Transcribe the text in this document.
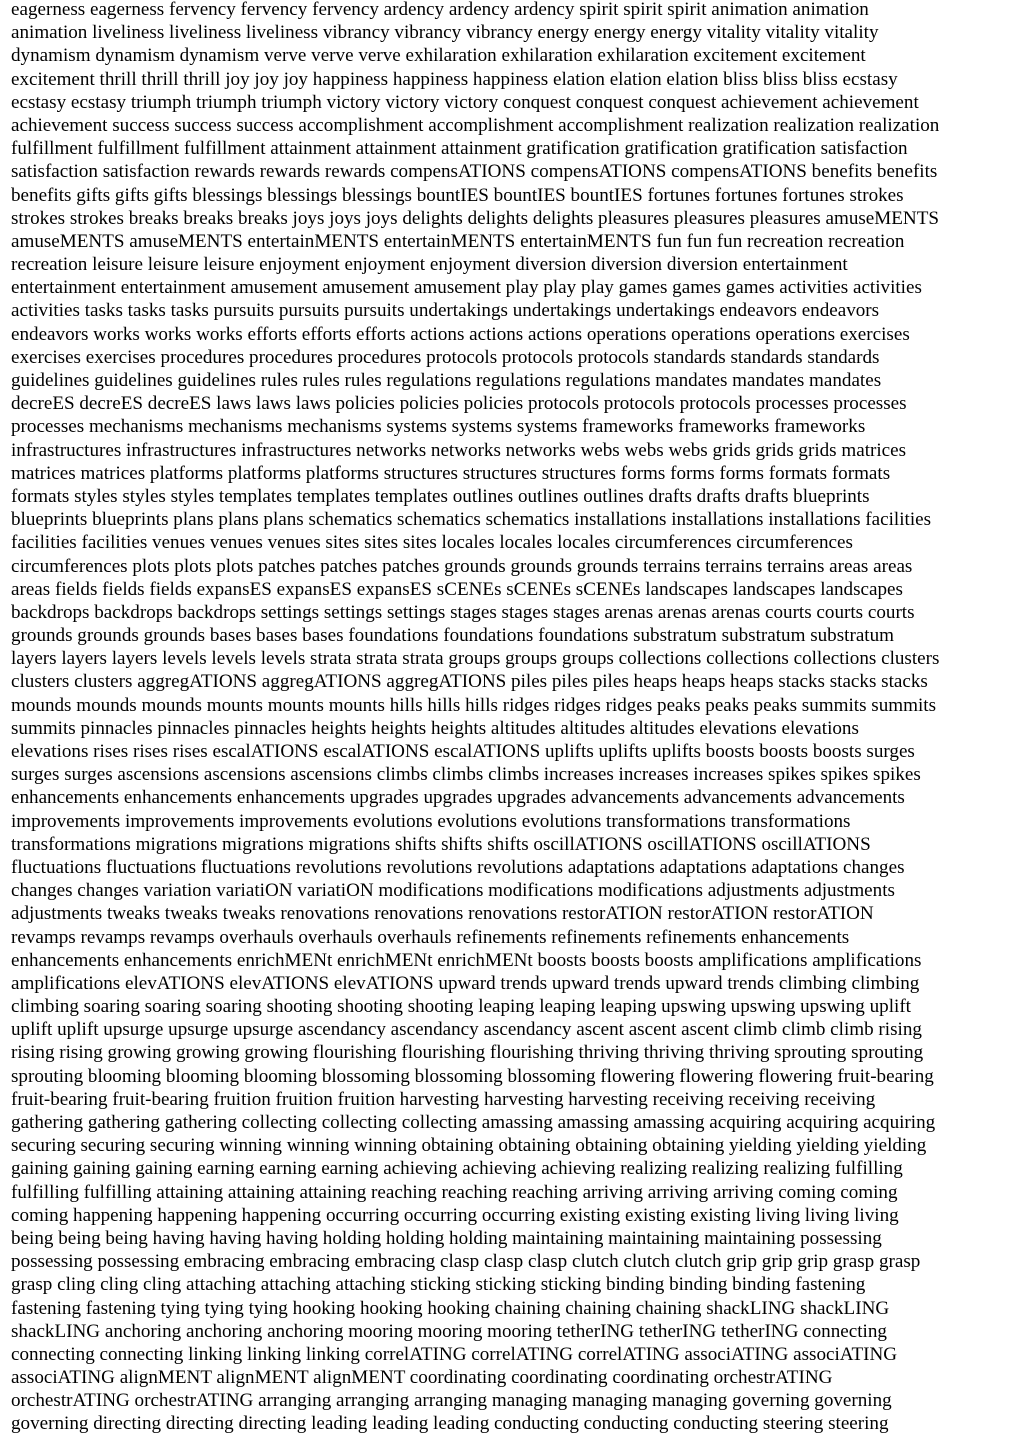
eagerness eagerness fervency fervency fervency ardency ardency ardency spirit spirit spirit animation animation
animation liveliness liveliness liveliness vibrancy vibrancy vibrancy energy energy energy vitality vitality vitality
dynamism dynamism dynamism verve verve verve exhilaration exhilaration exhilaration excitement excitement
excitement thrill thrill thrill joy joy joy happiness happiness happiness elation elation elation bliss bliss bliss ecstasy
ecstasy ecstasy triumph triumph triumph victory victory victory conquest conquest conquest achievement achievement
achievement success success success accomplishment accomplishment accomplishment realization realization realization
fulfillment fulfillment fulfillment attainment attainment attainment gratification gratification gratification satisfaction
satisfaction satisfaction rewards rewards rewards compensATIONS compensATIONS compensATIONS benefits benefits
benefits gifts gifts gifts blessings blessings blessings bountIES bountIES bountIES fortunes fortunes fortunes strokes
strokes strokes breaks breaks breaks joys joys joys delights delights delights pleasures pleasures pleasures amuseMENTS
amuseMENTS amuseMENTS entertainMENTS entertainMENTS entertainMENTS fun fun fun recreation recreation
recreation leisure leisure leisure enjoyment enjoyment enjoyment diversion diversion diversion entertainment
entertainment entertainment amusement amusement amusement play play play games games games activities activities
activities tasks tasks tasks pursuits pursuits pursuits undertakings undertakings undertakings endeavors endeavors
endeavors works works works efforts efforts efforts actions actions actions operations operations operations exercises
exercises exercises procedures procedures procedures protocols protocols protocols standards standards standards
guidelines guidelines guidelines rules rules rules regulations regulations regulations mandates mandates mandates
decreES decreES decreES laws laws laws policies policies policies protocols protocols protocols processes processes
processes mechanisms mechanisms mechanisms systems systems systems frameworks frameworks frameworks
infrastructures infrastructures infrastructures networks networks networks webs webs webs grids grids grids matrices
matrices matrices platforms platforms platforms structures structures structures forms forms forms formats formats
formats styles styles styles templates templates templates outlines outlines outlines drafts drafts drafts blueprints
blueprints blueprints plans plans plans schematics schematics schematics installations installations installations facilities
facilities facilities venues venues venues sites sites sites locales locales locales circumferences circumferences
circumferences plots plots plots patches patches patches grounds grounds grounds terrains terrains terrains areas areas
areas fields fields fields expansES expansES expansES sCENEs sCENEs sCENEs landscapes landscapes landscapes
backdrops backdrops backdrops settings settings settings stages stages stages arenas arenas arenas courts courts courts
grounds grounds grounds bases bases bases foundations foundations foundations substratum substratum substratum
layers layers layers levels levels levels strata strata strata groups groups groups collections collections collections clusters
clusters clusters aggregATIONS aggregATIONS aggregATIONS piles piles piles heaps heaps heaps stacks stacks stacks
mounds mounds mounds mounts mounts mounts hills hills hills ridges ridges ridges peaks peaks peaks summits summits
summits pinnacles pinnacles pinnacles heights heights heights altitudes altitudes altitudes elevations elevations
elevations rises rises rises escalATIONS escalATIONS escalATIONS uplifts uplifts uplifts boosts boosts boosts surges
surges surges ascensions ascensions ascensions climbs climbs climbs increases increases increases spikes spikes spikes
enhancements enhancements enhancements upgrades upgrades upgrades advancements advancements advancements
improvements improvements improvements evolutions evolutions evolutions transformations transformations
transformations migrations migrations migrations shifts shifts shifts oscillATIONS oscillATIONS oscillATIONS
fluctuations fluctuations fluctuations revolutions revolutions revolutions adaptations adaptations adaptations changes
changes changes variation variatiON variatiON modifications modifications modifications adjustments adjustments
adjustments tweaks tweaks tweaks renovations renovations renovations restorATION restorATION restorATION
revamps revamps revamps overhauls overhauls overhauls refinements refinements refinements enhancements
enhancements enhancements enrichMENt enrichMENt enrichMENt boosts boosts boosts amplifications amplifications
amplifications elevATIONS elevATIONS elevATIONS upward trends upward trends upward trends climbing climbing
climbing soaring soaring soaring shooting shooting shooting leaping leaping leaping upswing upswing upswing uplift
uplift uplift upsurge upsurge upsurge ascendancy ascendancy ascendancy ascent ascent ascent climb climb climb rising
rising rising growing growing growing flourishing flourishing flourishing thriving thriving thriving sprouting sprouting
sprouting blooming blooming blooming blossoming blossoming blossoming flowering flowering flowering fruit-bearing
fruit-bearing fruit-bearing fruition fruition fruition harvesting harvesting harvesting receiving receiving receiving
gathering gathering gathering collecting collecting collecting amassing amassing amassing acquiring acquiring acquiring
securing securing securing winning winning winning obtaining obtaining obtaining obtaining yielding yielding yielding
gaining gaining gaining earning earning earning achieving achieving achieving realizing realizing realizing fulfilling
fulfilling fulfilling attaining attaining attaining reaching reaching reaching arriving arriving arriving coming coming
coming happening happening happening occurring occurring occurring existing existing existing living living living
being being being having having having holding holding holding maintaining maintaining maintaining possessing
possessing possessing embracing embracing embracing clasp clasp clasp clutch clutch clutch grip grip grip grasp grasp
grasp cling cling cling attaching attaching attaching sticking sticking sticking binding binding binding fastening
fastening fastening tying tying tying hooking hooking hooking chaining chaining chaining shackLING shackLING
shackLING anchoring anchoring anchoring mooring mooring mooring tetherING tetherING tetherING connecting
connecting connecting linking linking linking correlATING correlATING correlATING associATING associATING
associATING alignMENT alignMENT alignMENT coordinating coordinating coordinating orchestrATING
orchestrATING orchestrATING arranging arranging arranging managing managing managing governing governing
governing directing directing directing leading leading leading conducting conducting conducting steering steering
